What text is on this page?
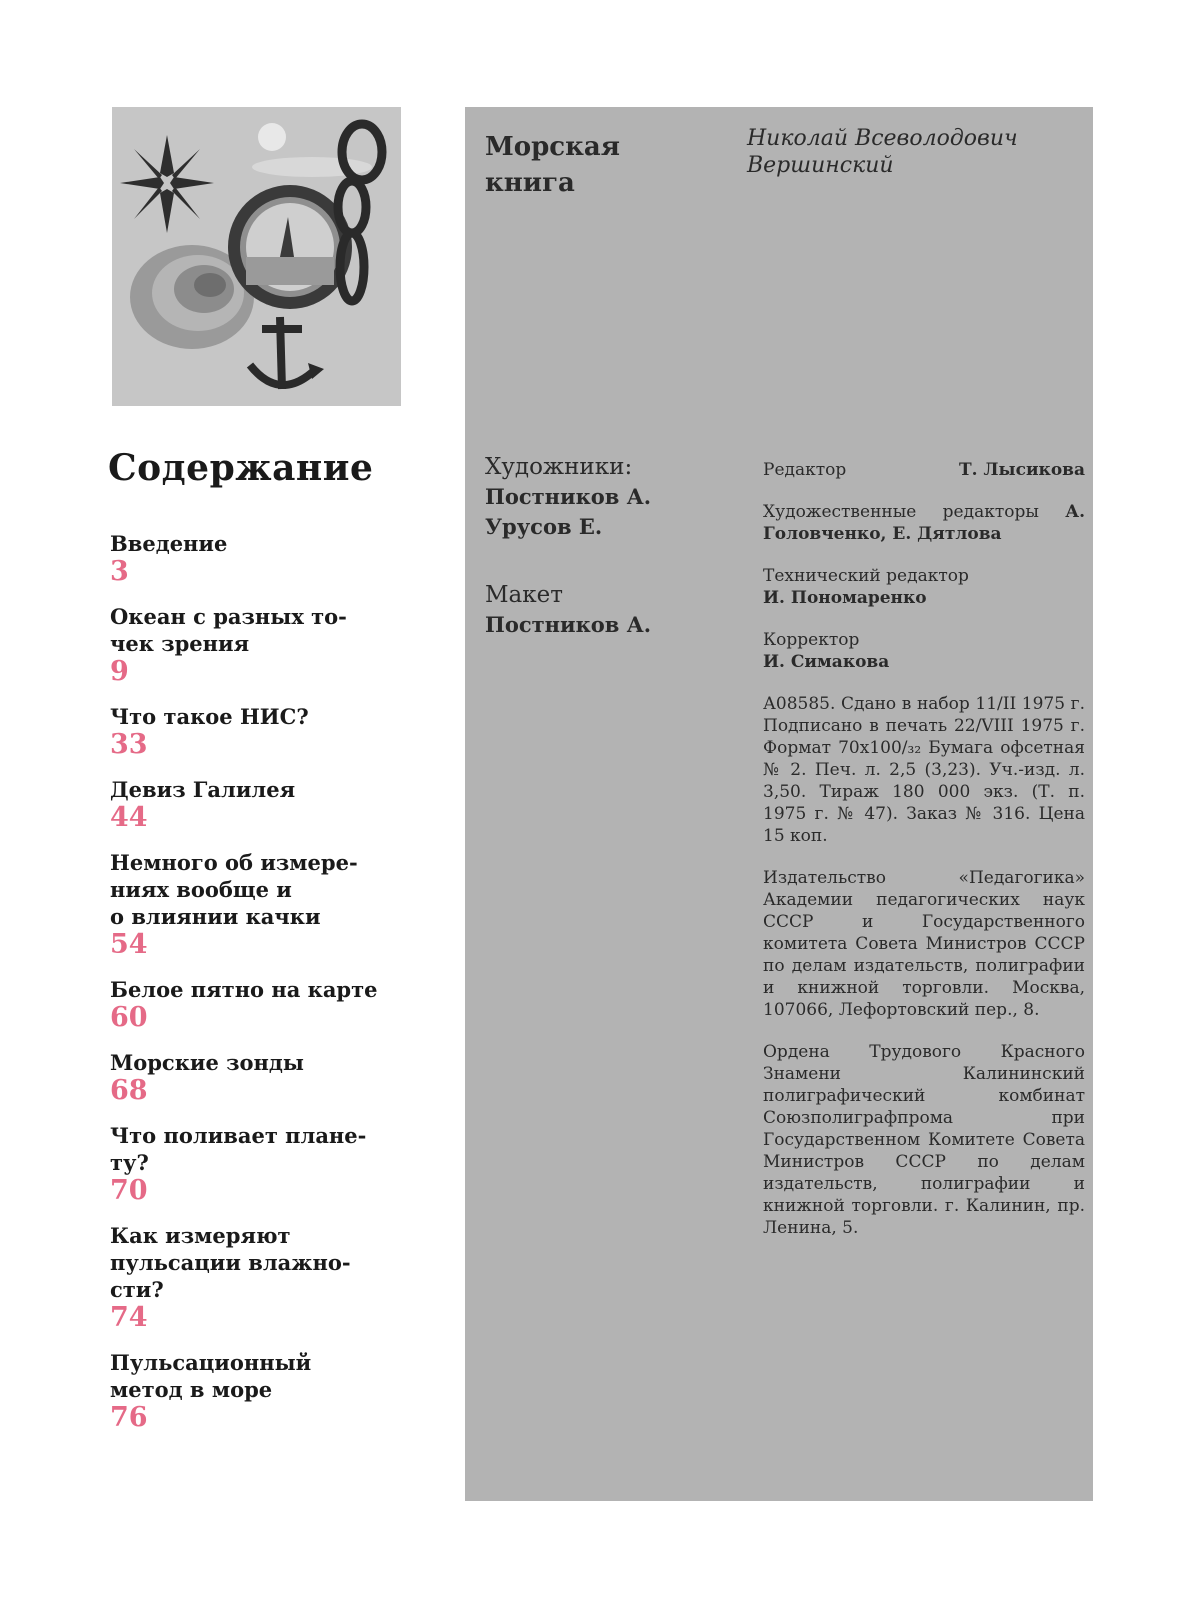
Содержание
Введение
3
Океан с разных то-
чек зрения
9
Что такое НИС?
33
Девиз Галилея
44
Немного об измере-
ниях вообще и
о влиянии качки
54
Белое пятно на карте
60
Морские зонды
68
Что поливает плане-
ту?
70
Как измеряют
пульсации влажно-
сти?
74
Пульсационный
метод в море
76
Морская
книга
Николай Всеволодович Вершинский
Художники:
Постников А.
Урусов Е.
Макет
Постников А.
Редактор	Т. Лысикова
Художественные редакторы А. Головченко, Е. Дятлова
Технический редактор
И. Пономаренко
Корректор
И. Симакова
А08585. Сдано в набор 11/II 1975 г. Подписано в печать 22/VIII 1975 г. Формат 70х100/₃₂ Бумага офсетная № 2. Печ. л. 2,5 (3,23). Уч.-изд. л. 3,50. Тираж 180 000 экз. (Т. п. 1975 г. № 47). Заказ № 316. Цена 15 коп.
Издательство «Педагогика» Академии педагогических наук СССР и Государственного комитета Совета Министров СССР по делам издательств, полиграфии и книжной торговли. Москва, 107066, Лефортовский пер., 8.
Ордена Трудового Красного Знамени Калининский полиграфический комбинат Союзполиграфпрома при Государственном Комитете Совета Министров СССР по делам издательств, полиграфии и книжной торговли. г. Калинин, пр. Ленина, 5.
